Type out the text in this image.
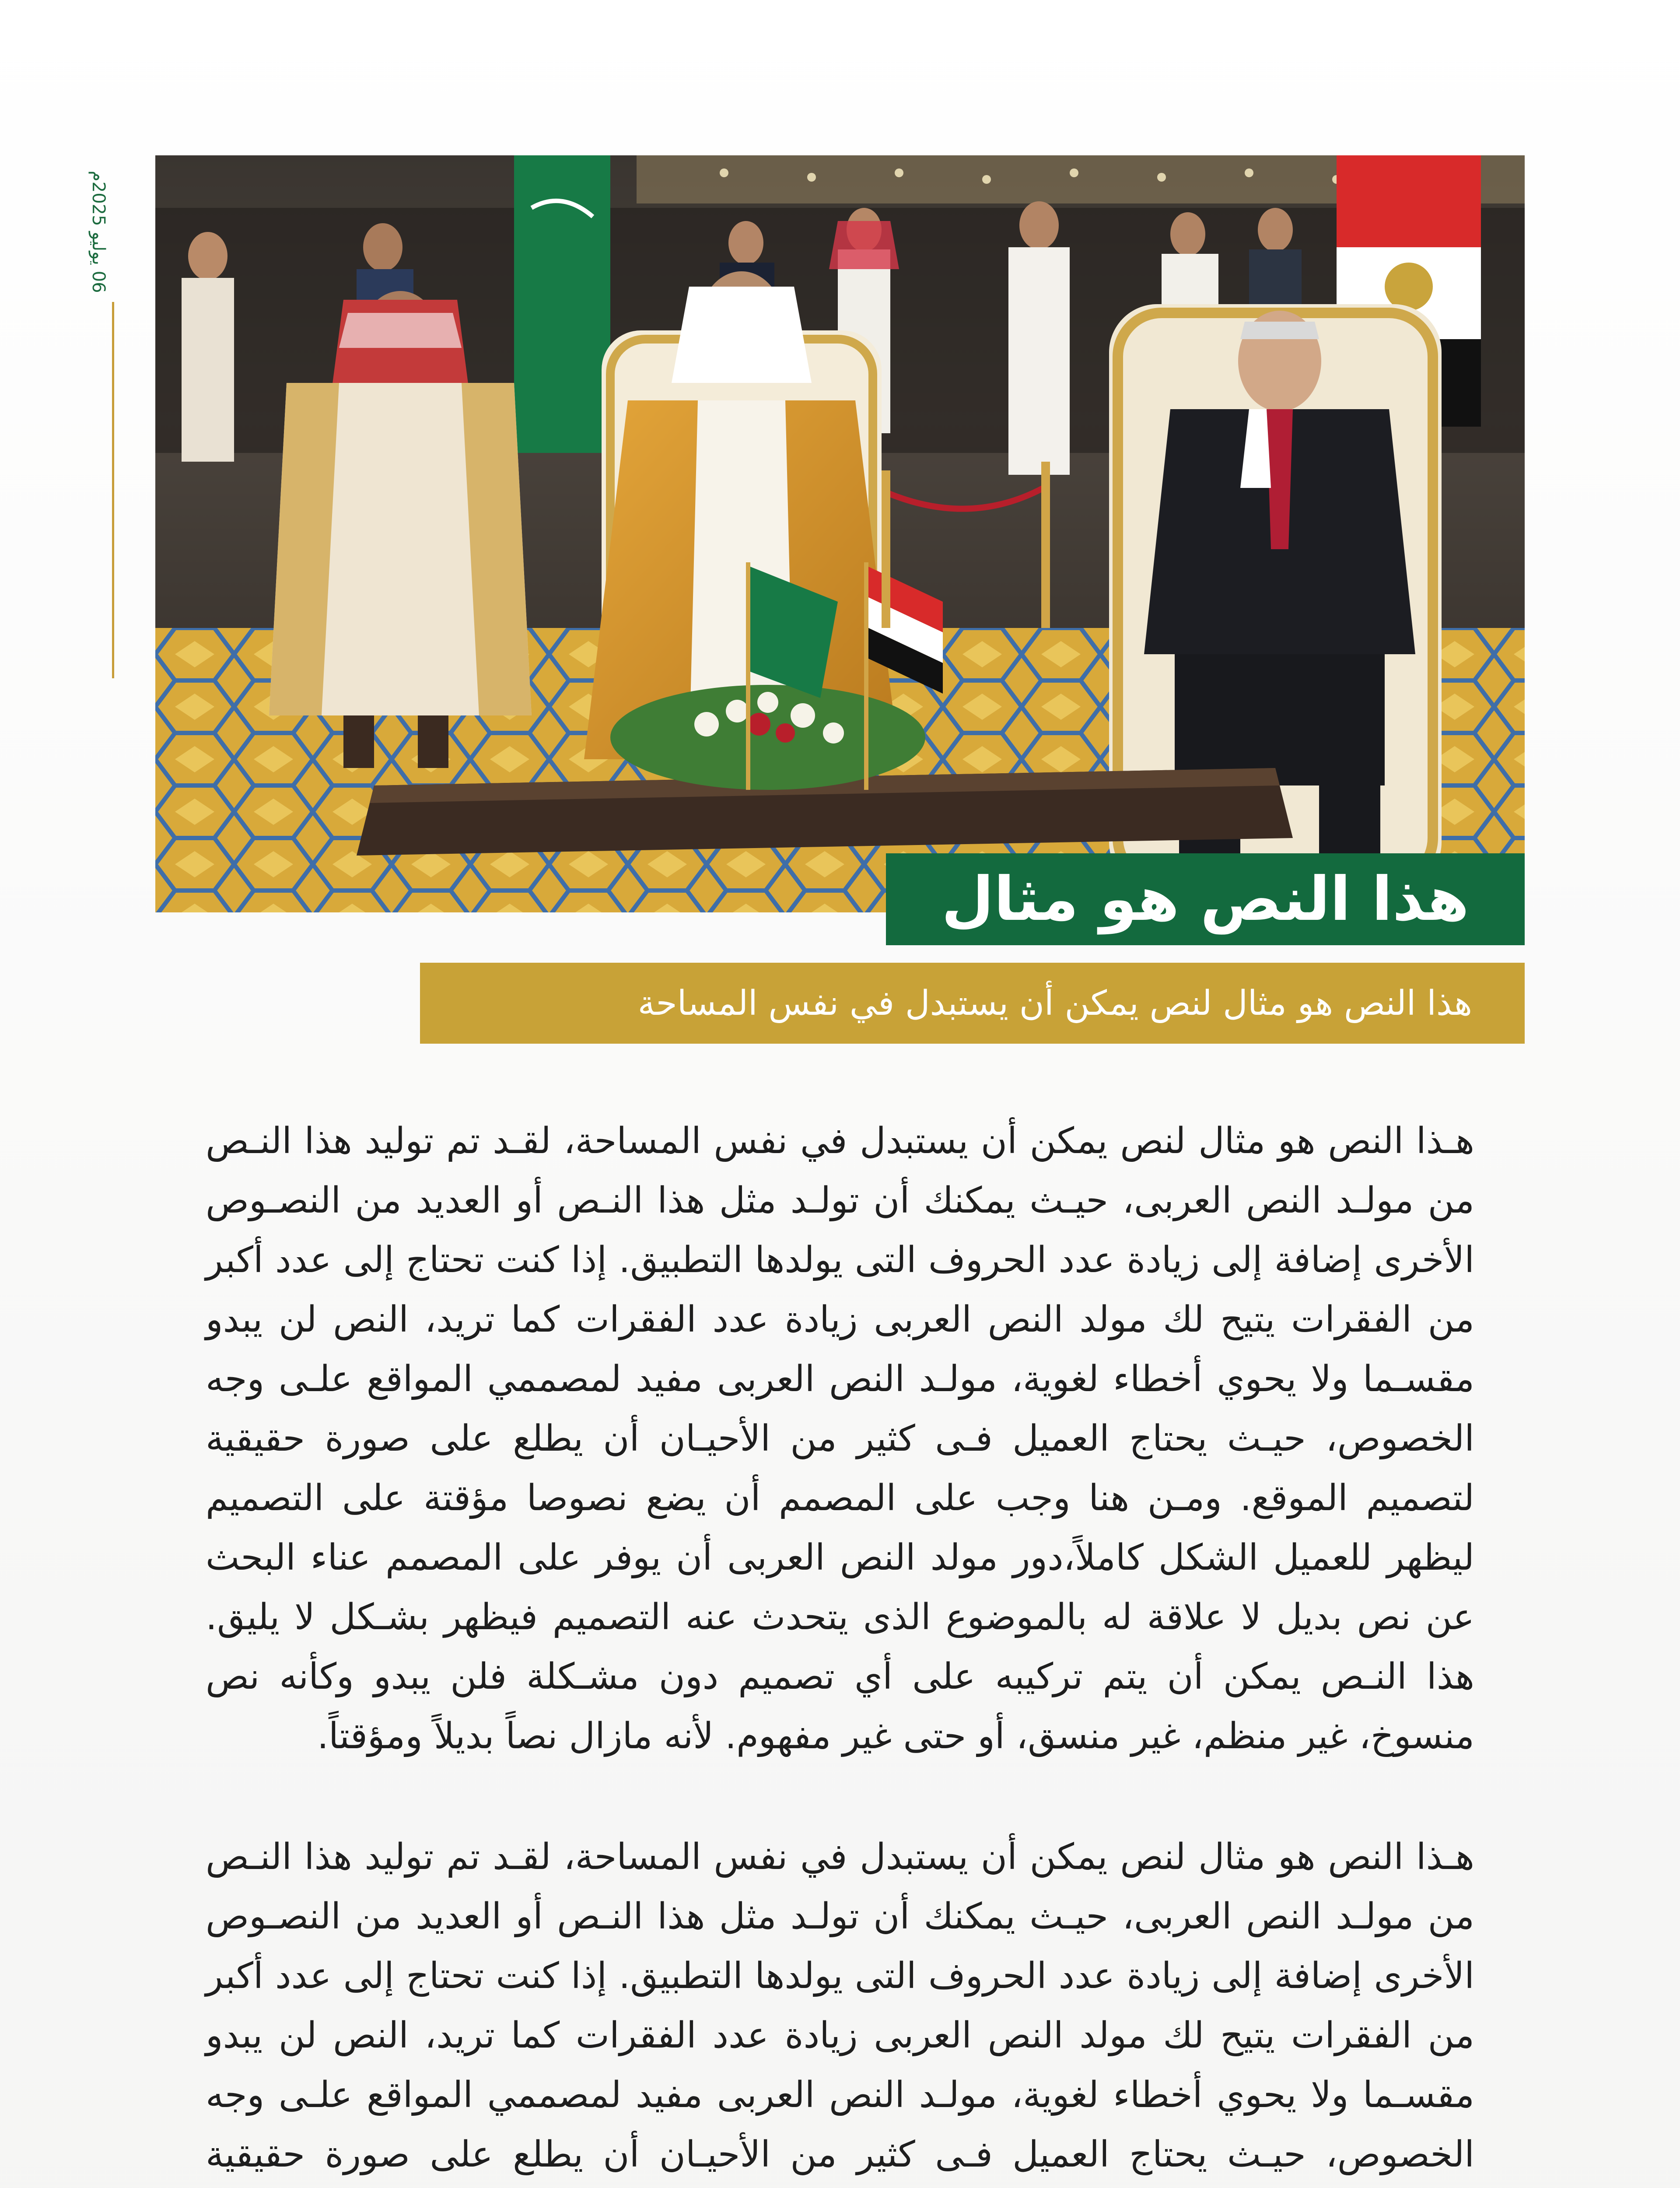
06 يوليو 2025م
هذا النص هو مثال
هذا النص هو مثال لنص يمكن أن يستبدل في نفس المساحة

هـذا النص هو مثال لنص يمكن أن يستبدل في نفس المساحة، لقـد تم توليد هذا النـص من مولـد النص العربى، حيـث يمكنك أن تولـد مثل هذا النـص أو العديد من النصـوص الأخرى إضافة إلى زيادة عدد الحروف التى يولدها التطبيق. إذا كنت تحتاج إلى عدد أكبر من الفقرات يتيح لك مولد النص العربى زيادة عدد الفقرات كما تريد، النص لن يبدو مقسـما ولا يحوي أخطاء لغوية، مولـد النص العربى مفيد لمصممي المواقع علـى وجه الخصوص، حيـث يحتاج العميل فـى كثير من الأحيـان أن يطلع على صورة حقيقية لتصميم الموقع. ومـن هنا وجب على المصمم أن يضع نصوصا مؤقتة على التصميم ليظهر للعميل الشكل كاملاً،دور مولد النص العربى أن يوفر على المصمم عناء البحث عن نص بديل لا علاقة له بالموضوع الذى يتحدث عنه التصميم فيظهر بشـكل لا يليق. هذا النـص يمكن أن يتم تركيبه على أي تصميم دون مشـكلة فلن يبدو وكأنه نص منسوخ، غير منظم، غير منسق، أو حتى غير مفهوم. لأنه مازال نصاً بديلاً ومؤقتاً.

هـذا النص هو مثال لنص يمكن أن يستبدل في نفس المساحة، لقـد تم توليد هذا النـص من مولـد النص العربى، حيـث يمكنك أن تولـد مثل هذا النـص أو العديد من النصـوص الأخرى إضافة إلى زيادة عدد الحروف التى يولدها التطبيق. إذا كنت تحتاج إلى عدد أكبر من الفقرات يتيح لك مولد النص العربى زيادة عدد الفقرات كما تريد، النص لن يبدو مقسـما ولا يحوي أخطاء لغوية، مولـد النص العربى مفيد لمصممي المواقع علـى وجه الخصوص، حيـث يحتاج العميل فـى كثير من الأحيـان أن يطلع على صورة حقيقية
